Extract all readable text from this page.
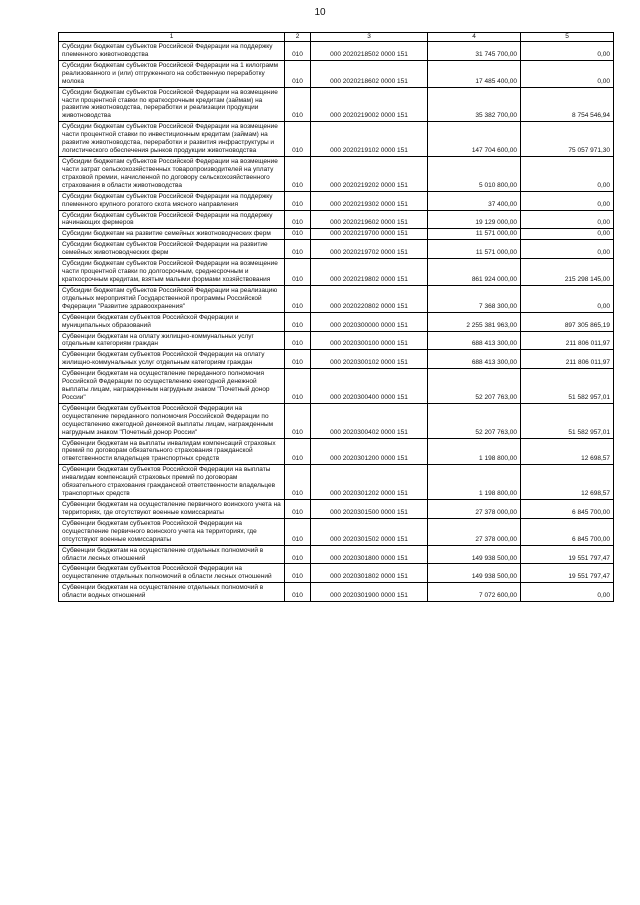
10
1	2	3	4	5
Субсидии бюджетам субъектов Российской Федерации на поддержку племенного животноводства	010	000 2020218502 0000 151	31 745 700,00	0,00
Субсидии бюджетам субъектов Российской Федерации на 1 килограмм реализованного и (или) отгруженного на собственную переработку молока	010	000 2020218602 0000 151	17 485 400,00	0,00
Субсидии бюджетам субъектов Российской Федерации на возмещение части процентной ставки по краткосрочным кредитам (займам) на развитие животноводства, переработки и реализации продукции животноводства	010	000 2020219002 0000 151	35 382 700,00	8 754 546,94
Субсидии бюджетам субъектов Российской Федерации на возмещение части процентной ставки по инвестиционным кредитам (займам) на развитие животноводства, переработки и развития инфраструктуры и логистического обеспечения рынков продукции животноводства	010	000 2020219102 0000 151	147 704 600,00	75 057 971,30
Субсидии бюджетам субъектов Российской Федерации на возмещение части затрат сельскохозяйственных товаропроизводителей на уплату страховой премии, начисленной по договору сельскохозяйственного страхования в области животноводства	010	000 2020219202 0000 151	5 010 800,00	0,00
Субсидии бюджетам субъектов Российской Федерации на поддержку племенного крупного рогатого скота мясного направления	010	000 2020219302 0000 151	37 400,00	0,00
Субсидии бюджетам субъектов Российской Федерации на поддержку начинающих фермеров	010	000 2020219602 0000 151	19 129 000,00	0,00
Субсидии бюджетам на развитие семейных животноводческих ферм	010	000 2020219700 0000 151	11 571 000,00	0,00
Субсидии бюджетам субъектов Российской Федерации на развитие семейных животноводческих ферм	010	000 2020219702 0000 151	11 571 000,00	0,00
Субсидии бюджетам субъектов Российской Федерации на возмещение части процентной ставки по долгосрочным, среднесрочным и краткосрочным кредитам, взятым малыми формами хозяйствования	010	000 2020219802 0000 151	861 924 000,00	215 298 145,00
Субсидии бюджетам субъектов Российской Федерации на реализацию отдельных мероприятий Государственной программы Российской Федерации "Развитие здравоохранения"	010	000 2020220802 0000 151	7 368 300,00	0,00
Субвенции бюджетам субъектов Российской Федерации и муниципальных образований	010	000 2020300000 0000 151	2 255 381 963,00	897 305 865,19
Субвенции бюджетам на оплату жилищно-коммунальных услуг отдельным категориям граждан	010	000 2020300100 0000 151	688 413 300,00	211 806 011,97
Субвенции бюджетам субъектов Российской Федерации на оплату жилищно-коммунальных услуг отдельным категориям граждан	010	000 2020300102 0000 151	688 413 300,00	211 806 011,97
Субвенции бюджетам на осуществление переданного полномочия Российской Федерации по осуществлению ежегодной денежной выплаты лицам, награжденным нагрудным знаком "Почетный донор России"	010	000 2020300400 0000 151	52 207 763,00	51 582 957,01
Субвенции бюджетам субъектов Российской Федерации на осуществление переданного полномочия Российской Федерации по осуществлению ежегодной денежной выплаты лицам, награжденным нагрудным знаком "Почетный донор России"	010	000 2020300402 0000 151	52 207 763,00	51 582 957,01
Субвенции бюджетам на выплаты инвалидам компенсаций страховых премий по договорам обязательного страхования гражданской ответственности владельцев транспортных средств	010	000 2020301200 0000 151	1 198 800,00	12 698,57
Субвенции бюджетам субъектов Российской Федерации на выплаты инвалидам компенсаций страховых премий по договорам обязательного страхования гражданской ответственности владельцев транспортных средств	010	000 2020301202 0000 151	1 198 800,00	12 698,57
Субвенции бюджетам на осуществление первичного воинского учета на территориях, где отсутствуют военные комиссариаты	010	000 2020301500 0000 151	27 378 000,00	6 845 700,00
Субвенции бюджетам субъектов Российской Федерации на осуществление первичного воинского учета на территориях, где отсутствуют военные комиссариаты	010	000 2020301502 0000 151	27 378 000,00	6 845 700,00
Субвенции бюджетам на осуществление отдельных полномочий в области лесных отношений	010	000 2020301800 0000 151	149 938 500,00	19 551 797,47
Субвенции бюджетам субъектов Российской Федерации на осуществление отдельных полномочий в области лесных отношений	010	000 2020301802 0000 151	149 938 500,00	19 551 797,47
Субвенции бюджетам на осуществление отдельных полномочий в области водных отношений	010	000 2020301900 0000 151	7 072 600,00	0,00
